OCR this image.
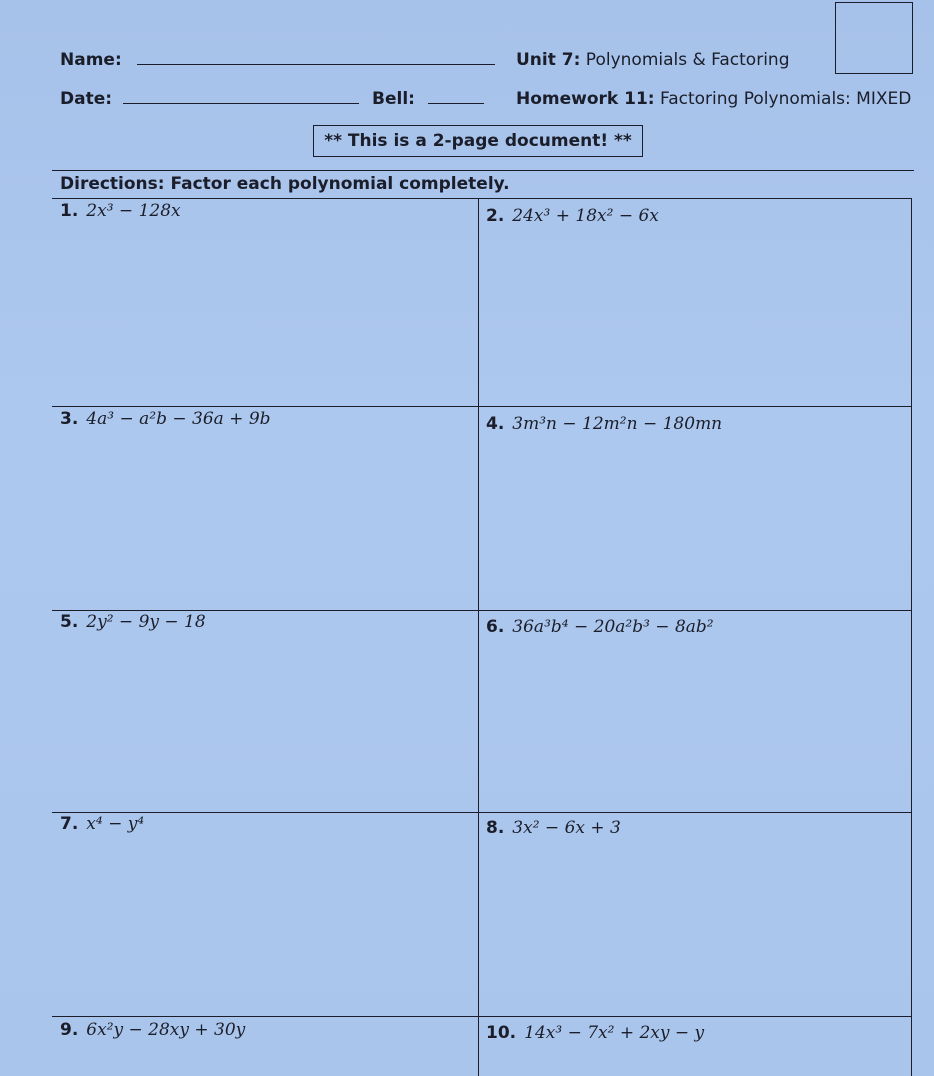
Name:	Unit 7: Polynomials & Factoring
Date:	Bell:	Homework 11: Factoring Polynomials: MIXED
** This is a 2-page document! **
Directions: Factor each polynomial completely.
1. 2x³ − 128x	2. 24x³ + 18x² − 6x
3. 4a³ − a²b − 36a + 9b	4. 3m³n − 12m²n − 180mn
5. 2y² − 9y − 18	6. 36a³b⁴ − 20a²b³ − 8ab²
7. x⁴ − y⁴	8. 3x² − 6x + 3
9. 6x²y − 28xy + 30y	10. 14x³ − 7x² + 2xy − y
